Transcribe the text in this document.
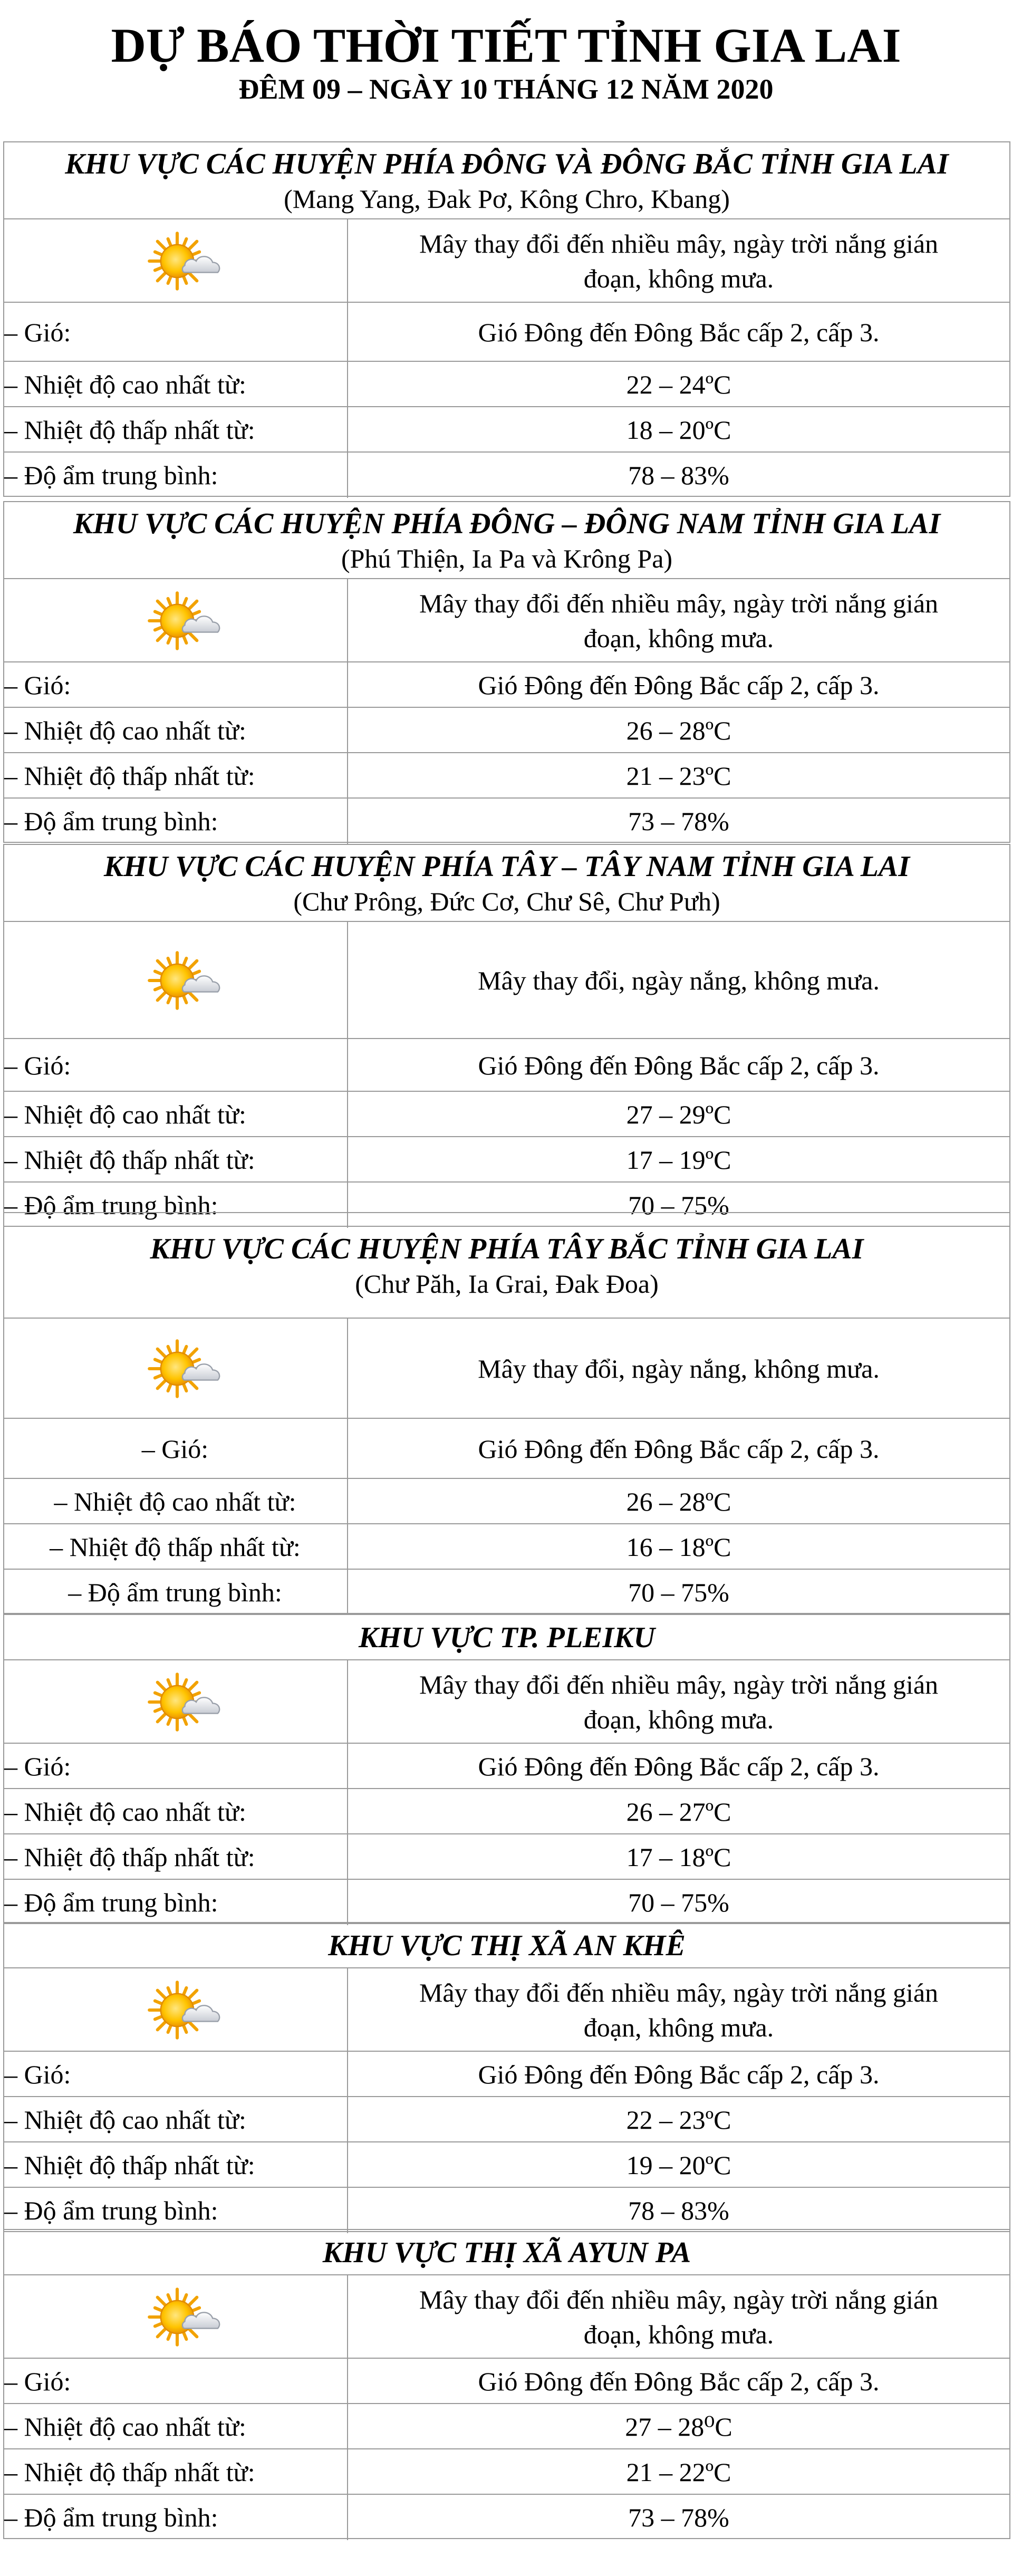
DỰ BÁO THỜI TIẾT TỈNH GIA LAI
ĐÊM 09 – NGÀY 10 THÁNG 12 NĂM 2020
KHU VỰC CÁC HUYỆN PHÍA ĐÔNG VÀ ĐÔNG BẮC TỈNH GIA LAI
(Mang Yang, Đak Pơ, Kông Chro, Kbang)
Mây thay đổi đến nhiều mây, ngày trời nắng gián
đoạn, không mưa.
– Gió:	Gió Đông đến Đông Bắc cấp 2, cấp 3.
– Nhiệt độ cao nhất từ:	22 – 24ºC
– Nhiệt độ thấp nhất từ:	18 – 20ºC
– Độ ẩm trung bình:	78 – 83%
KHU VỰC CÁC HUYỆN PHÍA ĐÔNG – ĐÔNG NAM TỈNH GIA LAI
(Phú Thiện, Ia Pa và Krông Pa)
Mây thay đổi đến nhiều mây, ngày trời nắng gián
đoạn, không mưa.
– Gió:	Gió Đông đến Đông Bắc cấp 2, cấp 3.
– Nhiệt độ cao nhất từ:	26 – 28ºC
– Nhiệt độ thấp nhất từ:	21 – 23ºC
– Độ ẩm trung bình:	73 – 78%
KHU VỰC CÁC HUYỆN PHÍA TÂY – TÂY NAM TỈNH GIA LAI
(Chư Prông, Đức Cơ, Chư Sê, Chư Pưh)
Mây thay đổi, ngày nắng, không mưa.
– Gió:	Gió Đông đến Đông Bắc cấp 2, cấp 3.
– Nhiệt độ cao nhất từ:	27 – 29ºC
– Nhiệt độ thấp nhất từ:	17 – 19ºC
– Độ ẩm trung bình:	70 – 75%
KHU VỰC CÁC HUYỆN PHÍA TÂY BẮC TỈNH GIA LAI
(Chư Păh, Ia Grai, Đak Đoa)
Mây thay đổi, ngày nắng, không mưa.
– Gió:	Gió Đông đến Đông Bắc cấp 2, cấp 3.
– Nhiệt độ cao nhất từ:	26 – 28ºC
– Nhiệt độ thấp nhất từ:	16 – 18ºC
– Độ ẩm trung bình:	70 – 75%
KHU VỰC TP. PLEIKU
Mây thay đổi đến nhiều mây, ngày trời nắng gián
đoạn, không mưa.
– Gió:	Gió Đông đến Đông Bắc cấp 2, cấp 3.
– Nhiệt độ cao nhất từ:	26 – 27ºC
– Nhiệt độ thấp nhất từ:	17 – 18ºC
– Độ ẩm trung bình:	70 – 75%
KHU VỰC THỊ XÃ AN KHÊ
Mây thay đổi đến nhiều mây, ngày trời nắng gián
đoạn, không mưa.
– Gió:	Gió Đông đến Đông Bắc cấp 2, cấp 3.
– Nhiệt độ cao nhất từ:	22 – 23ºC
– Nhiệt độ thấp nhất từ:	19 – 20ºC
– Độ ẩm trung bình:	78 – 83%
KHU VỰC THỊ XÃ AYUN PA
Mây thay đổi đến nhiều mây, ngày trời nắng gián
đoạn, không mưa.
– Gió:	Gió Đông đến Đông Bắc cấp 2, cấp 3.
– Nhiệt độ cao nhất từ:	27 – 28⁰C
– Nhiệt độ thấp nhất từ:	21 – 22ºC
– Độ ẩm trung bình:	73 – 78%
